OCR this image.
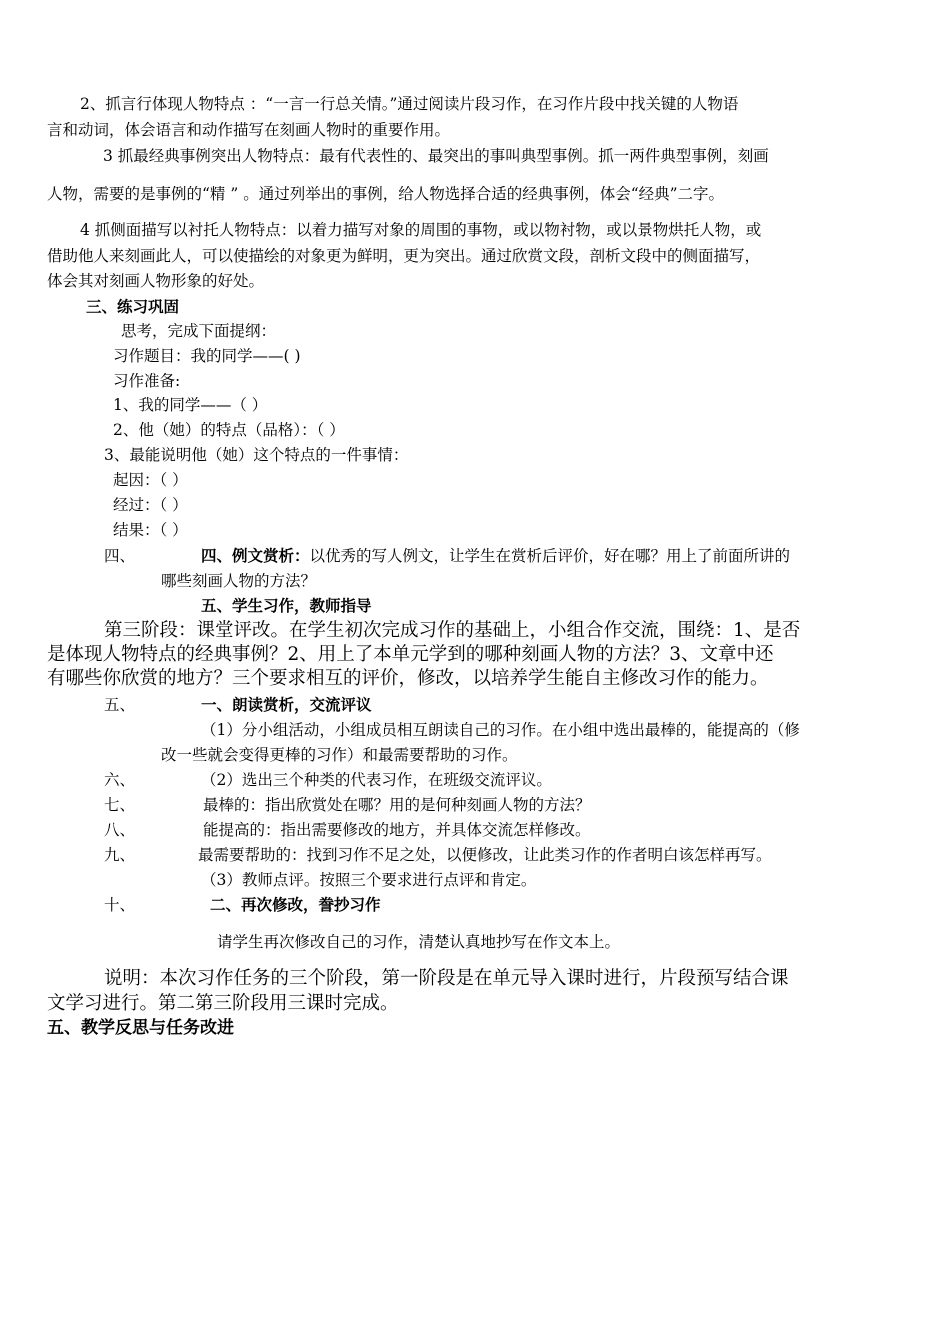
2、抓言行体现人物特点 ：“一言一行总关情。”通过阅读片段习作，在习作片段中找关键的人物语

言和动词，体会语言和动作描写在刻画人物时的重要作用。

3 抓最经典事例突出人物特点：最有代表性的、最突出的事叫典型事例。抓一两件典型事例，刻画

人物，需要的是事例的“精 ” 。通过列举出的事例，给人物选择合适的经典事例，体会“经典”二字。

4 抓侧面描写以衬托人物特点：以着力描写对象的周围的事物，或以物衬物，或以景物烘托人物，或

借助他人来刻画此人，可以使描绘的对象更为鲜明，更为突出。通过欣赏文段，剖析文段中的侧面描写，

体会其对刻画人物形象的好处。

三、练习巩固

思考，完成下面提纲：

习作题目：我的同学——( )

习作准备:

1、我的同学——（ ）

2、他（她）的特点（品格）：（ ）

3、最能说明他（她）这个特点的一件事情：

起因：（ ）

经过：（ ）

结果：（ ）

四、	四、例文赏析：以优秀的写人例文，让学生在赏析后评价，好在哪？用上了前面所讲的

哪些刻画人物的方法？

五、学生习作，教师指导

第三阶段：课堂评改。在学生初次完成习作的基础上，小组合作交流，围绕：1、是否

是体现人物特点的经典事例？2、用上了本单元学到的哪种刻画人物的方法？3、文章中还

有哪些你欣赏的地方？三个要求相互的评价，修改，以培养学生能自主修改习作的能力。

五、	一、朗读赏析，交流评议

（1）分小组活动，小组成员相互朗读自己的习作。在小组中选出最棒的，能提高的（修

改一些就会变得更棒的习作）和最需要帮助的习作。

六、	（2）选出三个种类的代表习作，在班级交流评议。

七、	最棒的：指出欣赏处在哪？用的是何种刻画人物的方法？

八、	能提高的：指出需要修改的地方，并具体交流怎样修改。

九、	最需要帮助的：找到习作不足之处，以便修改，让此类习作的作者明白该怎样再写。

（3）教师点评。按照三个要求进行点评和肯定。

十、	二、再次修改，誊抄习作

请学生再次修改自己的习作，清楚认真地抄写在作文本上。

说明：本次习作任务的三个阶段，第一阶段是在单元导入课时进行，片段预写结合课

文学习进行。第二第三阶段用三课时完成。

五、教学反思与任务改进
